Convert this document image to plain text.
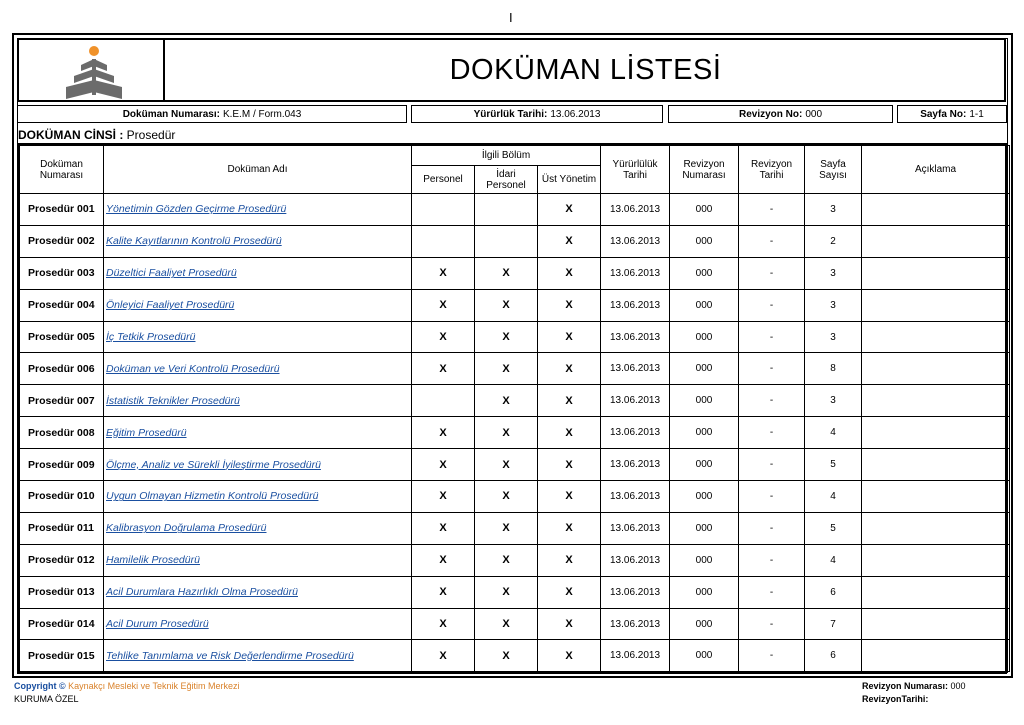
I
DOKÜMAN LİSTESİ
Doküman Numarası: K.E.M / Form.043	Yürürlük Tarihi: 13.06.2013	Revizyon No: 000	Sayfa No: 1-1
DOKÜMAN CİNSİ : Prosedür
Doküman Numarası	Doküman Adı	İlgili Bölüm			Yürürlülük Tarihi	Revizyon Numarası	Revizyon Tarihi	Sayfa Sayısı	Açıklama
		Personel	İdari Personel	Üst Yönetim					
Prosedür 001	Yönetimin Gözden Geçirme Prosedürü			X	13.06.2013	000	-	3	
Prosedür 002	Kalite Kayıtlarının Kontrolü Prosedürü			X	13.06.2013	000	-	2	
Prosedür 003	Düzeltici Faaliyet Prosedürü	X	X	X	13.06.2013	000	-	3	
Prosedür 004	Önleyici Faaliyet Prosedürü	X	X	X	13.06.2013	000	-	3	
Prosedür 005	İç Tetkik Prosedürü	X	X	X	13.06.2013	000	-	3	
Prosedür 006	Doküman ve Veri Kontrolü Prosedürü	X	X	X	13.06.2013	000	-	8	
Prosedür 007	İstatistik Teknikler Prosedürü		X	X	13.06.2013	000	-	3	
Prosedür 008	Eğitim Prosedürü	X	X	X	13.06.2013	000	-	4	
Prosedür 009	Ölçme, Analiz ve Sürekli İyileştirme Prosedürü	X	X	X	13.06.2013	000	-	5	
Prosedür 010	Uygun Olmayan Hizmetin Kontrolü Prosedürü	X	X	X	13.06.2013	000	-	4	
Prosedür 011	Kalibrasyon Doğrulama Prosedürü	X	X	X	13.06.2013	000	-	5	
Prosedür 012	Hamilelik Prosedürü	X	X	X	13.06.2013	000	-	4	
Prosedür 013	Acil Durumlara Hazırlıklı Olma Prosedürü	X	X	X	13.06.2013	000	-	6	
Prosedür 014	Acil Durum Prosedürü	X	X	X	13.06.2013	000	-	7	
Prosedür 015	Tehlike Tanımlama ve Risk Değerlendirme Prosedürü	X	X	X	13.06.2013	000	-	6	
Copyright © Kaynakçı Mesleki ve Teknik Eğitim Merkezi
KURUMA ÖZEL
Revizyon Numarası: 000
RevizyonTarihi:
